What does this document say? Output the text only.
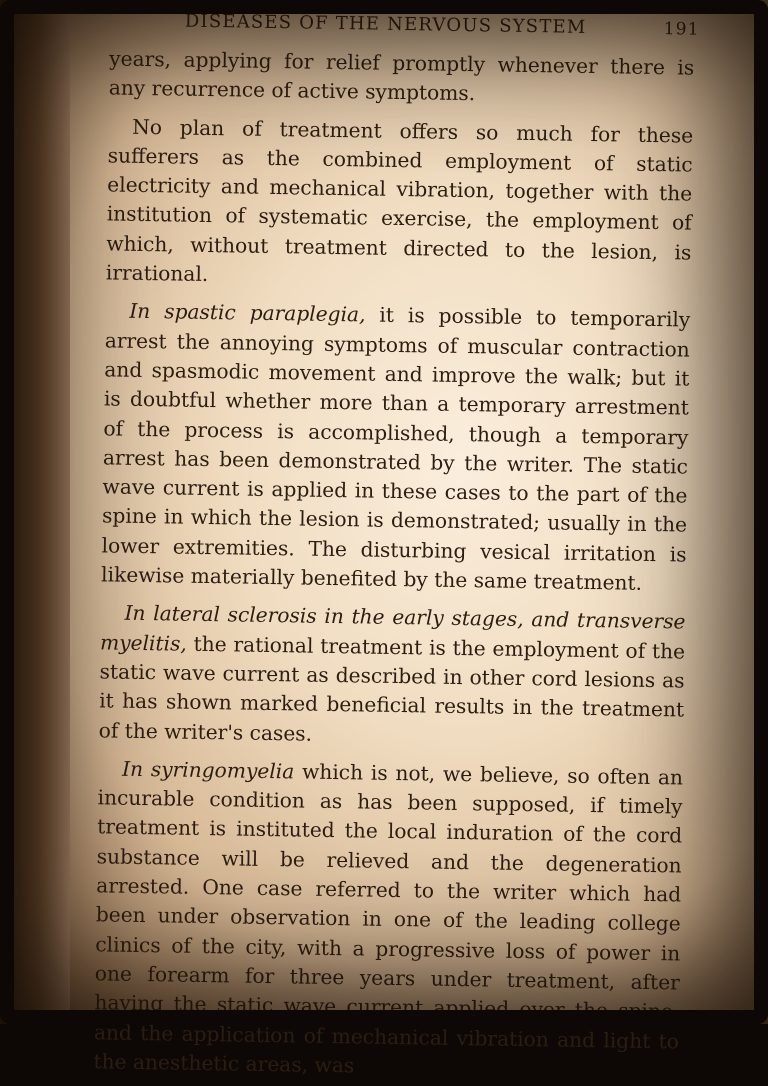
DISEASES OF THE NERVOUS SYSTEM	191

years, applying for relief promptly whenever there is any recurrence of active symptoms.

No plan of treatment offers so much for these sufferers as the combined employment of static electricity and mechanical vibration, together with the institution of systematic exercise, the employment of which, without treatment directed to the lesion, is irrational.

In spastic paraplegia, it is possible to temporarily arrest the annoying symptoms of muscular contraction and spasmodic movement and improve the walk; but it is doubtful whether more than a temporary arrestment of the process is accomplished, though a temporary arrest has been demonstrated by the writer. The static wave current is applied in these cases to the part of the spine in which the lesion is demonstrated; usually in the lower extremities. The disturbing vesical irritation is likewise materially benefited by the same treatment.

In lateral sclerosis in the early stages, and transverse myelitis, the rational treatment is the employment of the static wave current as described in other cord lesions as it has shown marked beneficial results in the treatment of the writer's cases.

In syringomyelia which is not, we believe, so often an incurable condition as has been supposed, if timely treatment is instituted the local induration of the cord substance will be relieved and the degeneration arrested. One case referred to the writer which had been under observation in one of the leading college clinics of the city, with a progressive loss of power in one forearm for three years under treatment, after having the static wave current applied over the spine, and the application of mechanical vibration and light to the anesthetic areas, was
